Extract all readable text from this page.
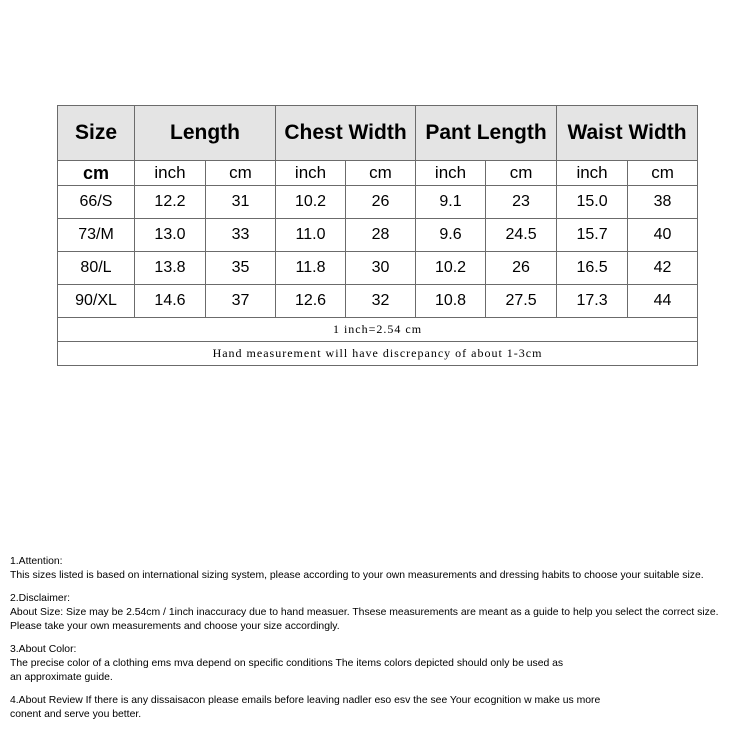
Size	Length		Chest Width		Pant Length		Waist Width	
cm	inch	cm	inch	cm	inch	cm	inch	cm
66/S	12.2	31	10.2	26	9.1	23	15.0	38
73/M	13.0	33	11.0	28	9.6	24.5	15.7	40
80/L	13.8	35	11.8	30	10.2	26	16.5	42
90/XL	14.6	37	12.6	32	10.8	27.5	17.3	44
1 inch=2.54 cm								
Hand measurement will have discrepancy of about 1-3cm								
1.Attention:
This sizes listed is based on international sizing system, please according to your own measurements and dressing habits to choose your suitable size.
2.Disclaimer:
About Size: Size may be 2.54cm / 1inch inaccuracy due to hand measuer. Thsese measurements are meant as a guide to help you select the correct size.
Please take your own measurements and choose your size accordingly.
3.About Color:
The precise color of a clothing ems mva depend on specific conditions The items colors depicted should only be used as
an approximate guide.
4.About Review If there is any dissaisacon please emails before leaving nadler eso esv the see Your ecognition w make us more
conent and serve you better.
